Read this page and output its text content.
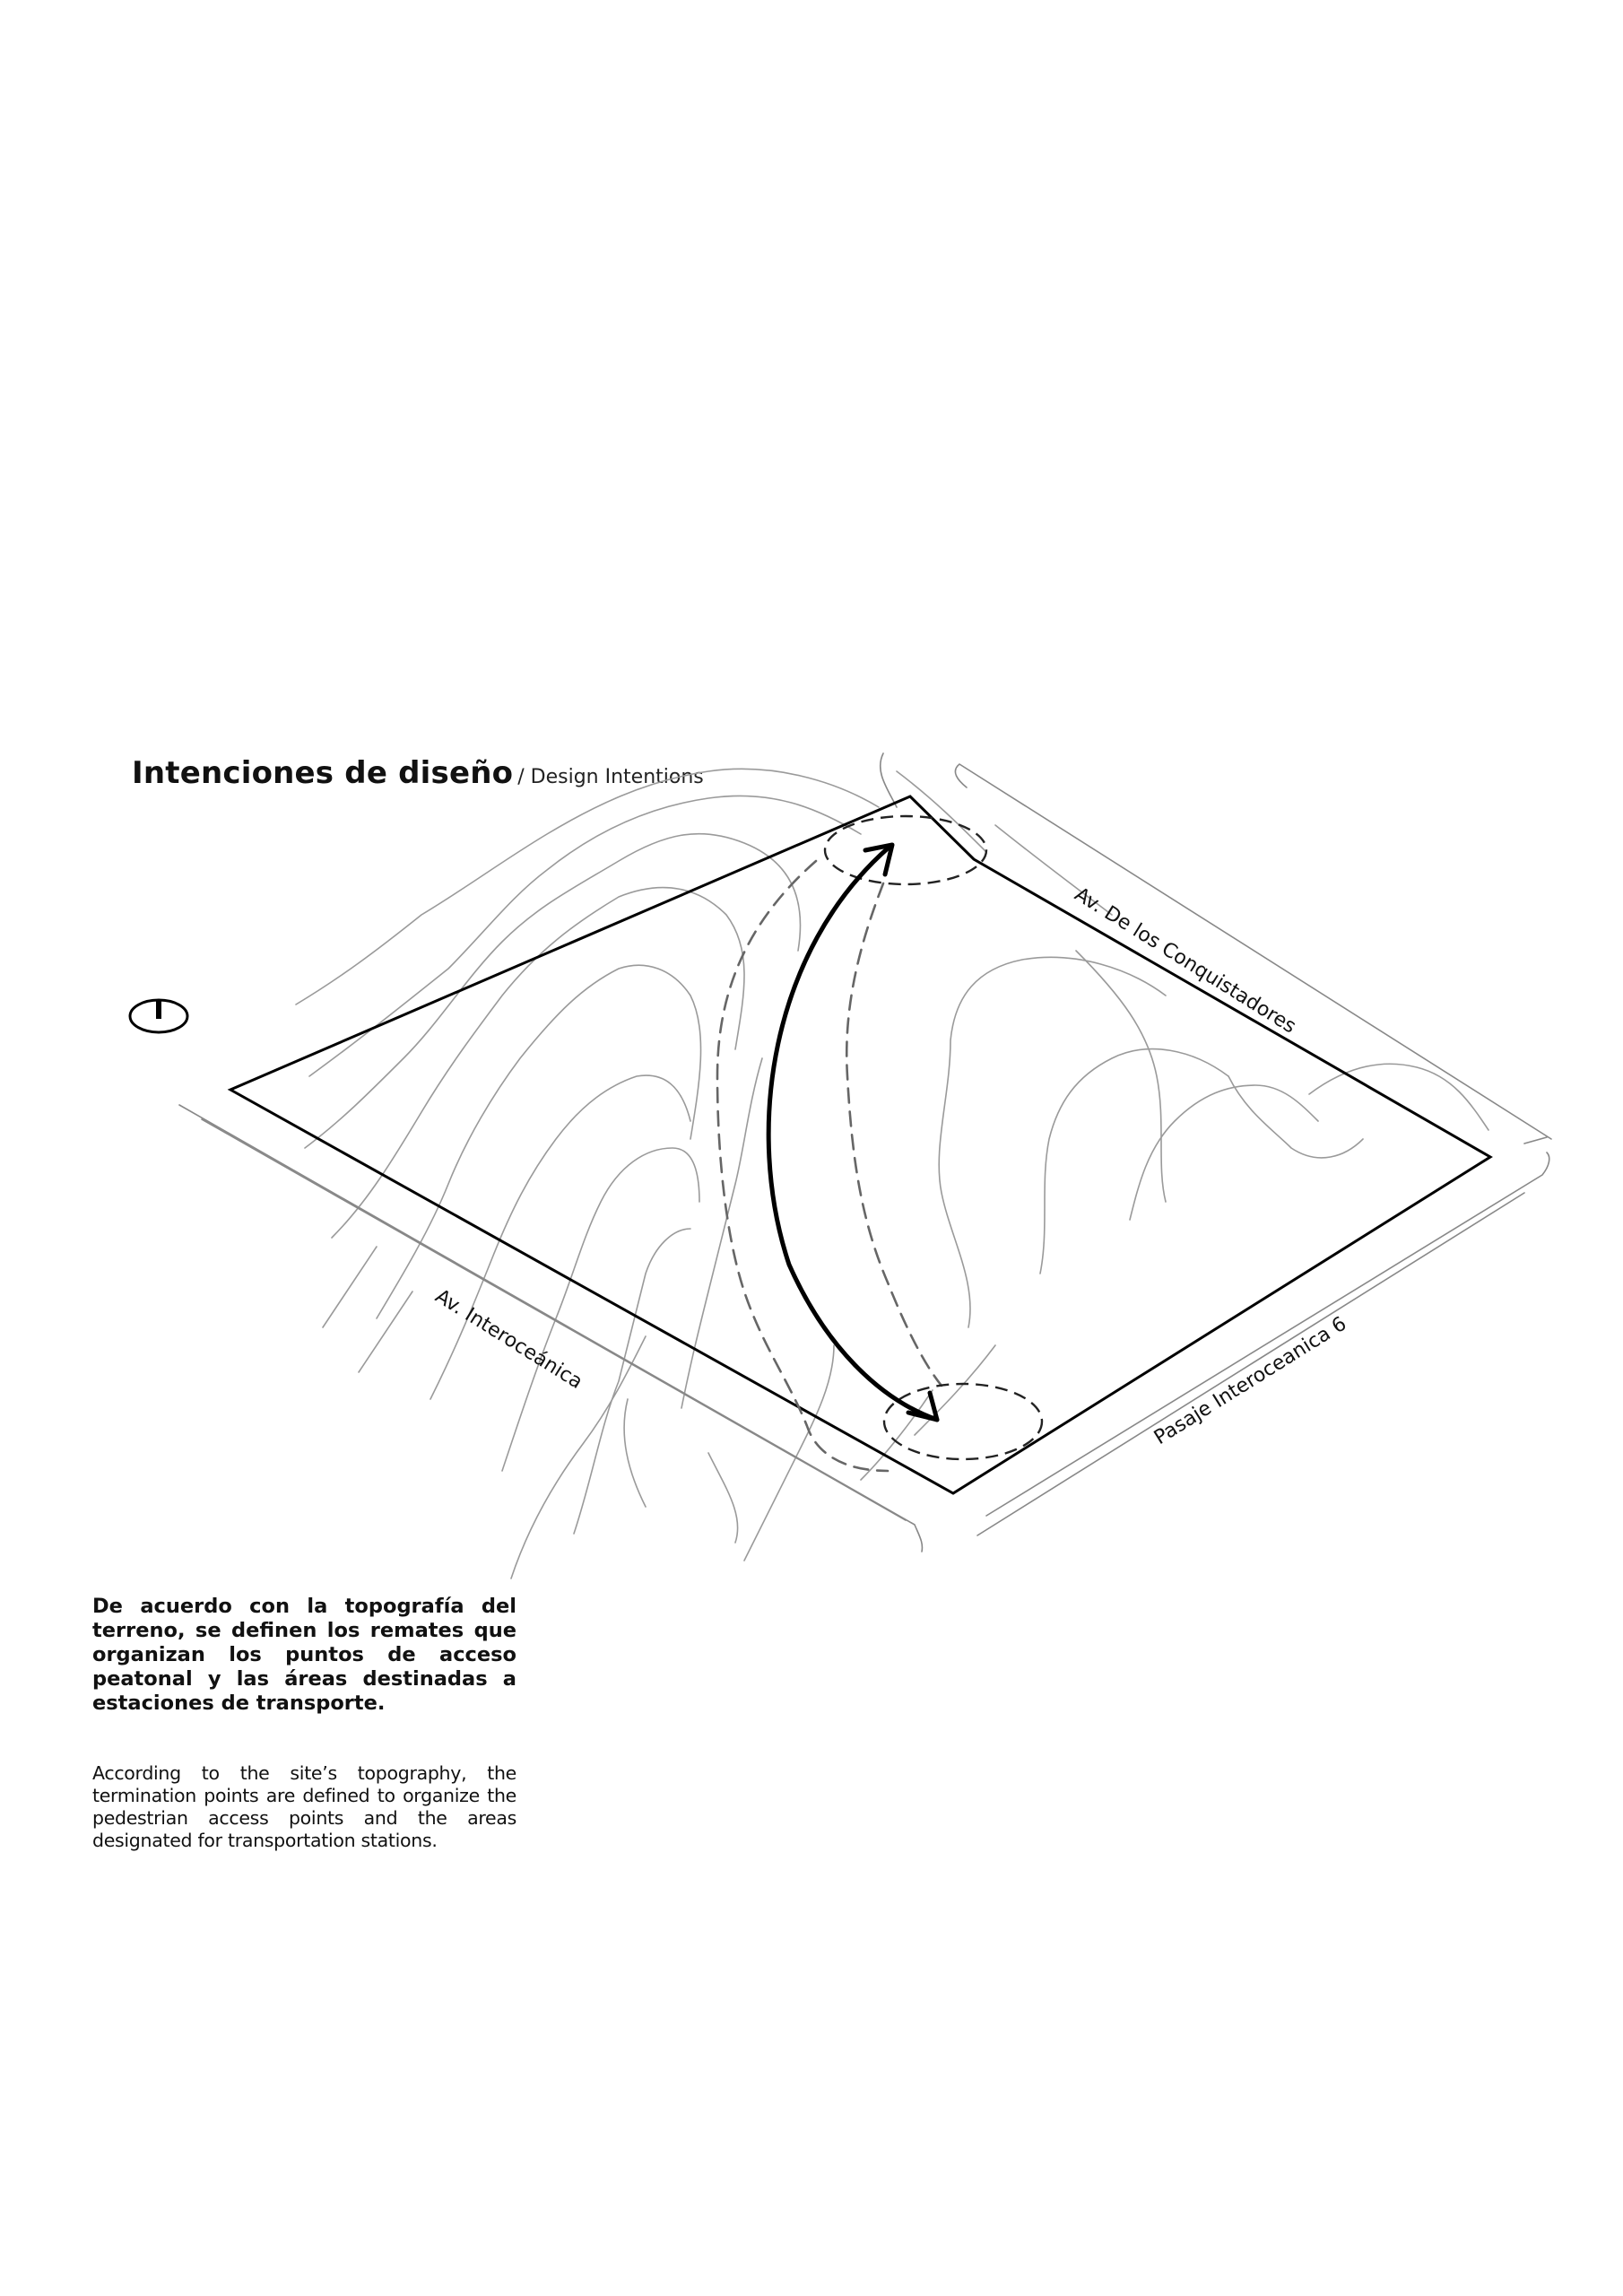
Intenciones de diseño / Design Intentions
Av. De los Conquistadores
Av. Interoceánica	Pasaje Interoceanica 6
De acuerdo con la topografía del terreno, se definen los remates que organizan los puntos de acceso peatonal y las áreas destinadas a estaciones de transporte.
According to the site’s topography, the termination points are defined to organize the pedestrian access points and the areas designated for transportation stations.
